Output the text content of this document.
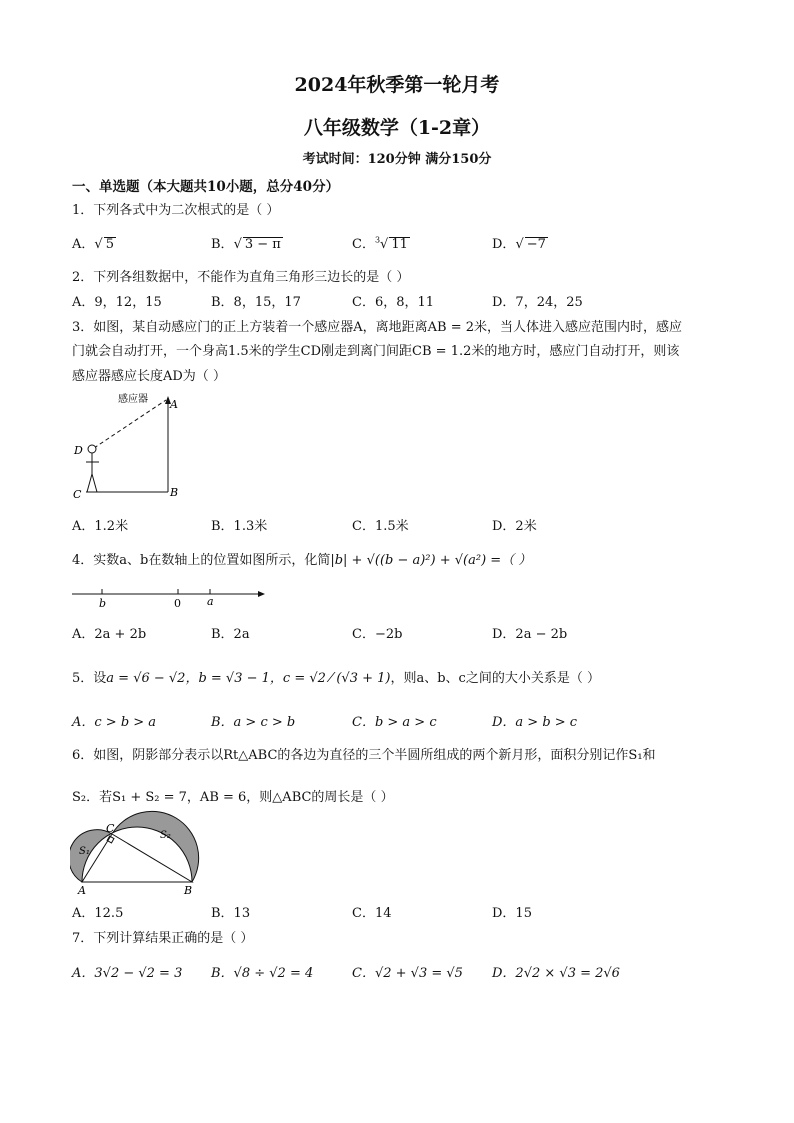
2024年秋季第一轮月考
八年级数学（1-2章）
考试时间：120分钟 满分150分
一、单选题（本大题共10小题，总分40分）
1．下列各式中为二次根式的是（ ）
A．√ 5	B．√ 3 − π	C．$^3$√ 11	D．√ −7
2．下列各组数据中，不能作为直角三角形三边长的是（ ）
A．9，12，15	B．8，15，17	C．6，8，11	D．7，24，25
3．如图，某自动感应门的正上方装着一个感应器A，离地距离AB = 2米，当人体进入感应范围内时，感应
门就会自动打开，一个身高1.5米的学生CD刚走到离门间距CB = 1.2米的地方时，感应门自动打开，则该
感应器感应长度AD为（ ）
感应器 A
B
C
D
A．1.2米	B．1.3米	C．1.5米	D．2米
4．实数a、b在数轴上的位置如图所示，化简|b| + √((b − a)²) + √(a²) =（ ）
b	0 a
A．2a + 2b	B．2a	C．−2b	D．2a − 2b
5．设a = √6 − √2，b = √3 − 1，c = √2 ⁄ (√3 + 1)，则a、b、c之间的大小关系是（ ）
A．c > b > a	B．a > c > b	C．b > a > c	D．a > b > c
6．如图，阴影部分表示以Rt△ABC的各边为直径的三个半圆所组成的两个新月形，面积分别记作S₁和
S₂．若S₁ + S₂ = 7，AB = 6，则△ABC的周长是（ ）
A	B
C
S₁
S₂
A．12.5	B．13	C．14	D．15
7．下列计算结果正确的是（ ）
A．3√2 − √2 = 3 B．√8 ÷ √2 = 4	C．√2 + √3 = √5 D．2√2 × √3 = 2√6
